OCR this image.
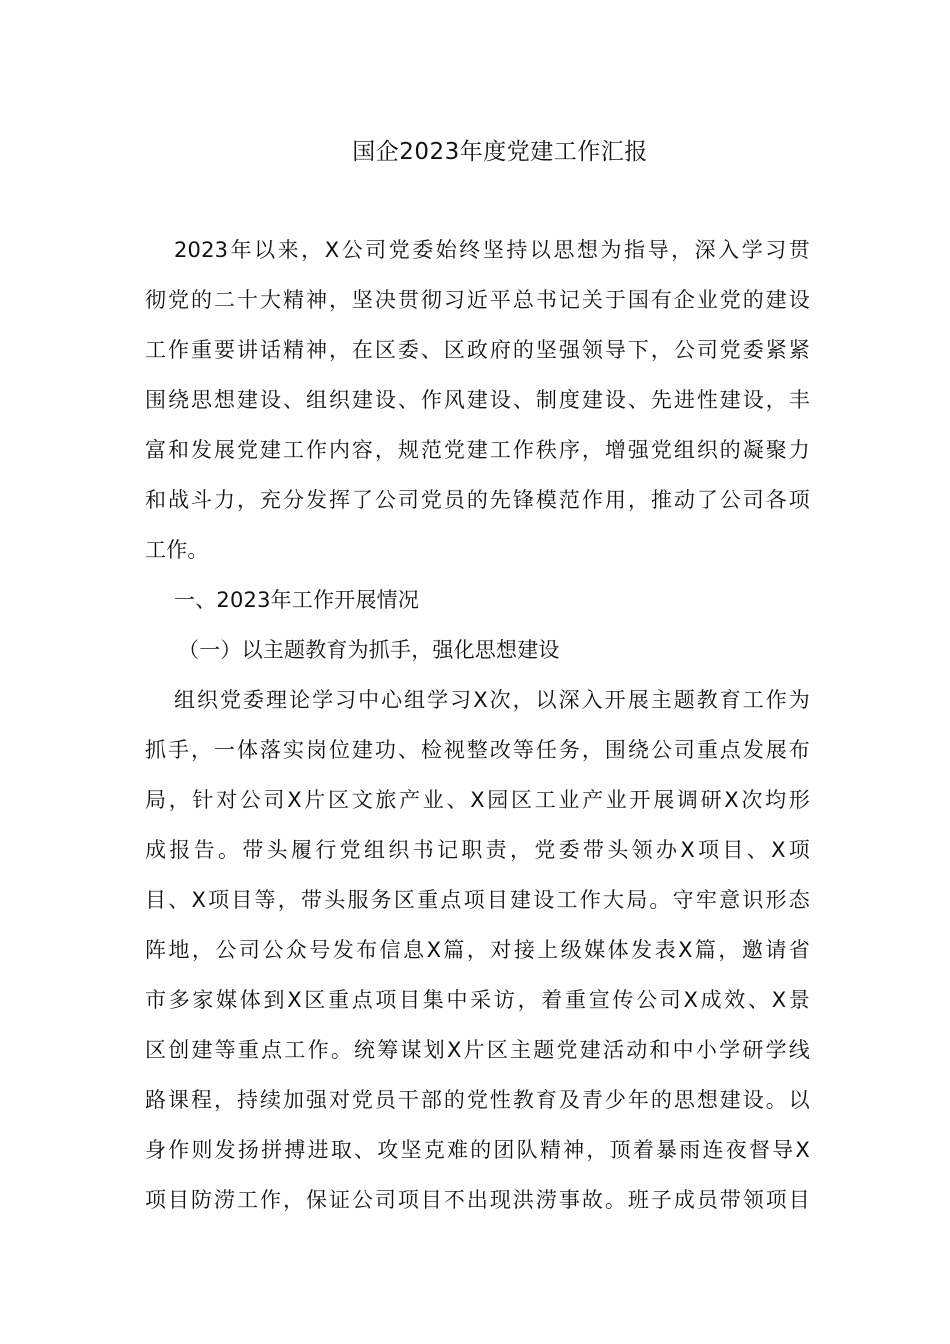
国企2023年度党建工作汇报
2023年以来，X公司党委始终坚持以思想为指导，深入学习贯
彻党的二十大精神，坚决贯彻习近平总书记关于国有企业党的建设
工作重要讲话精神，在区委、区政府的坚强领导下，公司党委紧紧
围绕思想建设、组织建设、作风建设、制度建设、先进性建设，丰
富和发展党建工作内容，规范党建工作秩序，增强党组织的凝聚力
和战斗力，充分发挥了公司党员的先锋模范作用，推动了公司各项
工作。
一、2023年工作开展情况
（一）以主题教育为抓手，强化思想建设
组织党委理论学习中心组学习X次，以深入开展主题教育工作为
抓手，一体落实岗位建功、检视整改等任务，围绕公司重点发展布
局，针对公司X片区文旅产业、X园区工业产业开展调研X次均形
成报告。带头履行党组织书记职责，党委带头领办X项目、X项
目、X项目等，带头服务区重点项目建设工作大局。守牢意识形态
阵地，公司公众号发布信息X篇，对接上级媒体发表X篇，邀请省
市多家媒体到X区重点项目集中采访，着重宣传公司X成效、X景
区创建等重点工作。统筹谋划X片区主题党建活动和中小学研学线
路课程，持续加强对党员干部的党性教育及青少年的思想建设。以
身作则发扬拼搏进取、攻坚克难的团队精神，顶着暴雨连夜督导X
项目防涝工作，保证公司项目不出现洪涝事故。班子成员带领项目
